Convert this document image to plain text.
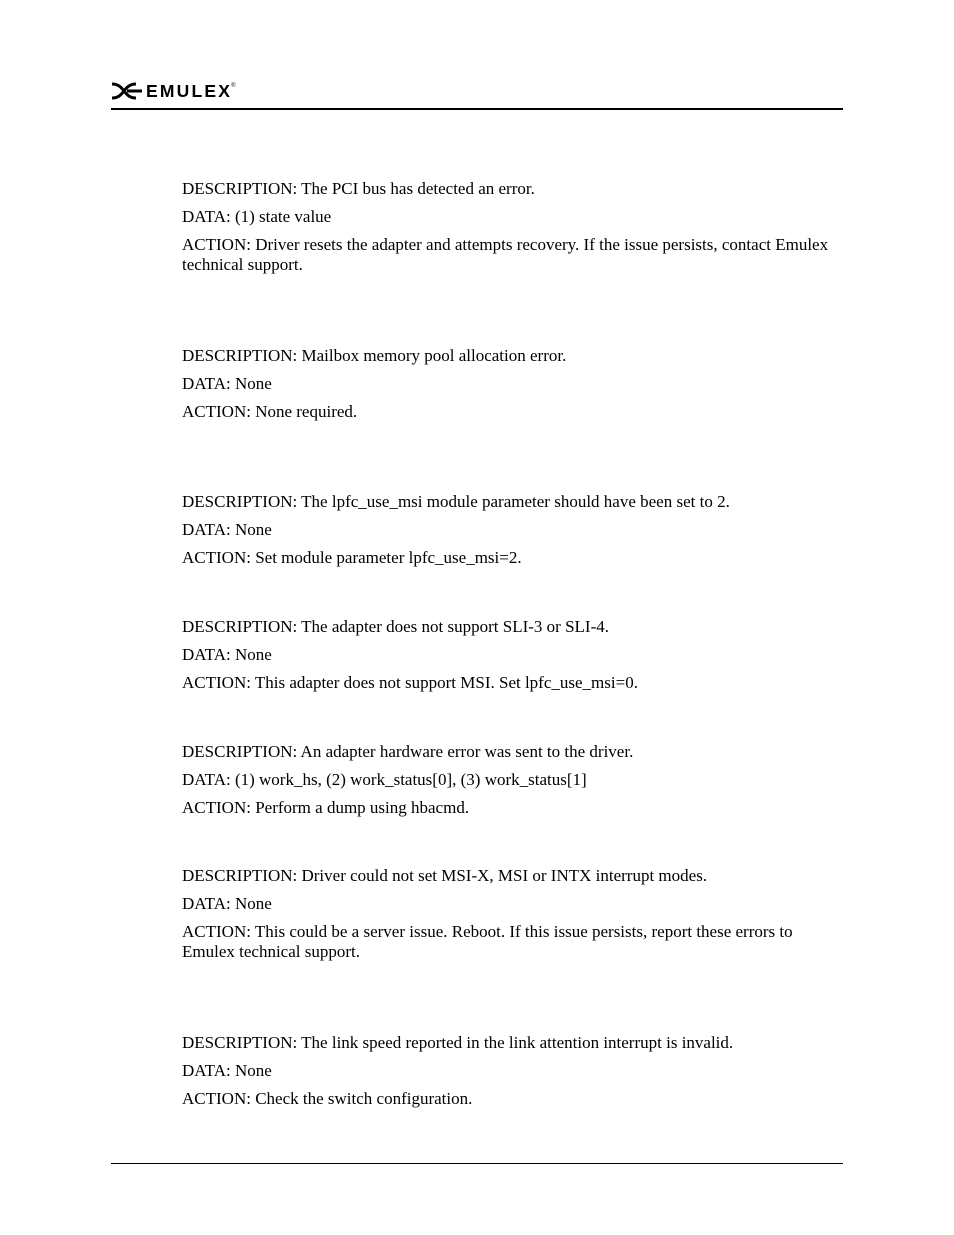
EMULEX ®

DESCRIPTION: The PCI bus has detected an error.

DATA: (1) state value

ACTION: Driver resets the adapter and attempts recovery. If the issue persists, contact Emulex technical support.

DESCRIPTION: Mailbox memory pool allocation error.

DATA: None

ACTION: None required.

DESCRIPTION: The lpfc_use_msi module parameter should have been set to 2.

DATA: None

ACTION: Set module parameter lpfc_use_msi=2.

DESCRIPTION: The adapter does not support SLI-3 or SLI-4.

DATA: None

ACTION: This adapter does not support MSI. Set lpfc_use_msi=0.

DESCRIPTION: An adapter hardware error was sent to the driver.

DATA: (1) work_hs, (2) work_status[0], (3) work_status[1]

ACTION: Perform a dump using hbacmd.

DESCRIPTION: Driver could not set MSI-X, MSI or INTX interrupt modes.

DATA: None

ACTION: This could be a server issue. Reboot. If this issue persists, report these errors to Emulex technical support.

DESCRIPTION: The link speed reported in the link attention interrupt is invalid.

DATA: None

ACTION: Check the switch configuration.
